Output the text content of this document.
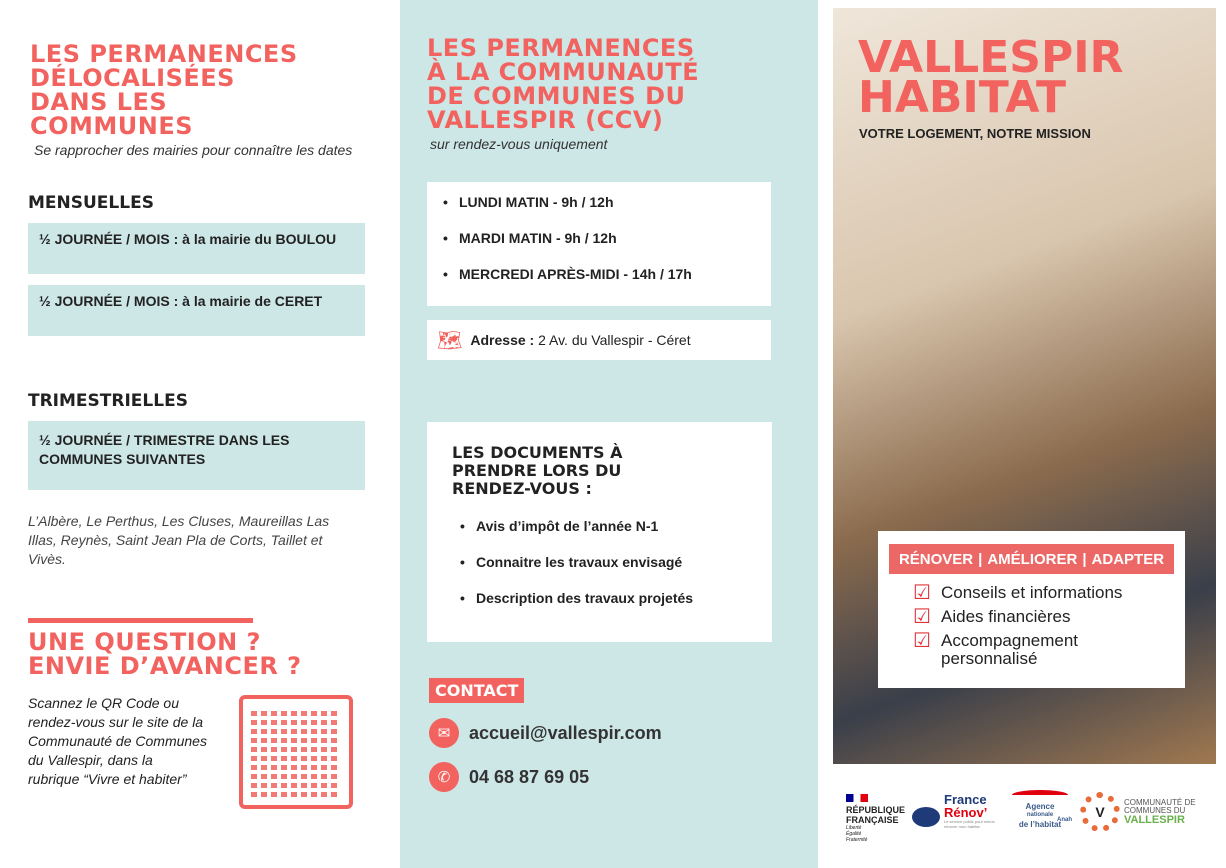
LES PERMANENCES
DÉLOCALISÉES
DANS LES
COMMUNES
Se rapprocher des mairies pour connaître les dates
MENSUELLES
½ JOURNÉE / MOIS : à la mairie du BOULOU
½ JOURNÉE / MOIS : à la mairie de CERET
TRIMESTRIELLES
½ JOURNÉE / TRIMESTRE DANS LES COMMUNES SUIVANTES
L’Albère, Le Perthus, Les Cluses, Maureillas Las Illas, Reynès, Saint Jean Pla de Corts, Taillet et Vivès.
UNE QUESTION ?
ENVIE D’AVANCER ?
Scannez le QR Code ou rendez-vous sur le site de la Communauté de Communes du Vallespir, dans la rubrique “Vivre et habiter”
LES PERMANENCES
À LA COMMUNAUTÉ
DE COMMUNES DU
VALLESPIR (CCV)
sur rendez-vous uniquement
• LUNDI MATIN - 9h / 12h
• MARDI MATIN - 9h / 12h
• MERCREDI APRÈS-MIDI - 14h / 17h
🗺 Adresse :
2 Av. du Vallespir - Céret
LES DOCUMENTS À
PRENDRE LORS DU
RENDEZ-VOUS :
• Avis d’impôt de l’année N-1
• Connaitre les travaux envisagé
• Description des travaux projetés
CONTACT
✉	accueil@vallespir.com
✆	04 68 87 69 05
VALLESPIR
HABITAT
VOTRE LOGEMENT, NOTRE MISSION
RÉNOVER | AMÉLIORER | ADAPTER
☑ Conseils et informations
☑ Aides financières
☑ Accompagnement personnalisé
RÉPUBLIQUE
FRANÇAISE
Liberté Égalité Fraternité
France
Rénov’
Le service public pour mieux rénover mon habitat
Agence
nationale
de l’habitat
Anah	V
COMMUNAUTÉ DE
COMMUNES DU
VALLESPIR
